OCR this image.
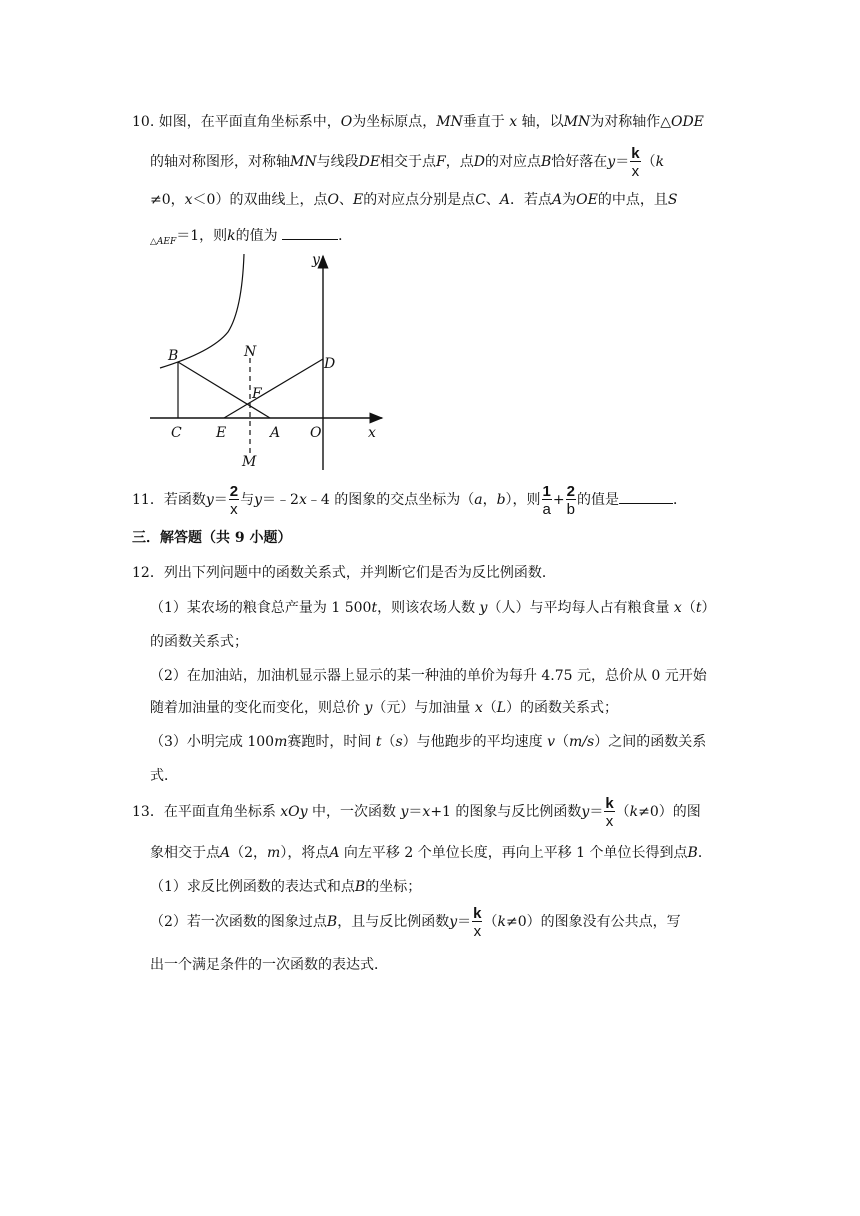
10. 如图，在平面直角坐标系中，O为坐标原点，MN垂直于 x 轴，以MN为对称轴作△ODE
的轴对称图形，对称轴MN与线段DE相交于点F，点D的对应点B恰好落在$y= \frac{k}{x} (k$
≠0，x＜0）的双曲线上，点O、E的对应点分别是点C、A．若点A为OE的中点，且S
$_{\triangle AEF}$＝1，则k的值为	．
y
x
B	N
D
F
C E	A O
M
11．若函数$y= \frac{2}{x}$ 与y＝﹣2x﹣4 的图象的交点坐标为（a，b），则 $\frac{1}{a} + \frac{2}{b}$ 的值是	．
三．解答题（共 9 小题）
12．列出下列问题中的函数关系式，并判断它们是否为反比例函数．
（1）某农场的粮食总产量为 1 500t，则该农场人数 y（人）与平均每人占有粮食量 x（t）
的函数关系式；
（2）在加油站，加油机显示器上显示的某一种油的单价为每升 4.75 元，总价从 0 元开始
随着加油量的变化而变化，则总价 y（元）与加油量 x（L）的函数关系式；
（3）小明完成 100m赛跑时，时间 t（s）与他跑步的平均速度 v（m/s）之间的函数关系
式．
13．在平面直角坐标系 xOy 中，一次函数 y＝x+1 的图象与反比例函数$y= \frac{k}{x} (k\ne 0)$的图
象相交于点A（2，m），将点A 向左平移 2 个单位长度，再向上平移 1 个单位长得到点B．
（1）求反比例函数的表达式和点B的坐标；
（2）若一次函数的图象过点B，且与反比例函数$y= \frac{k}{x} (k\ne 0)$的图象没有公共点，写
出一个满足条件的一次函数的表达式．
